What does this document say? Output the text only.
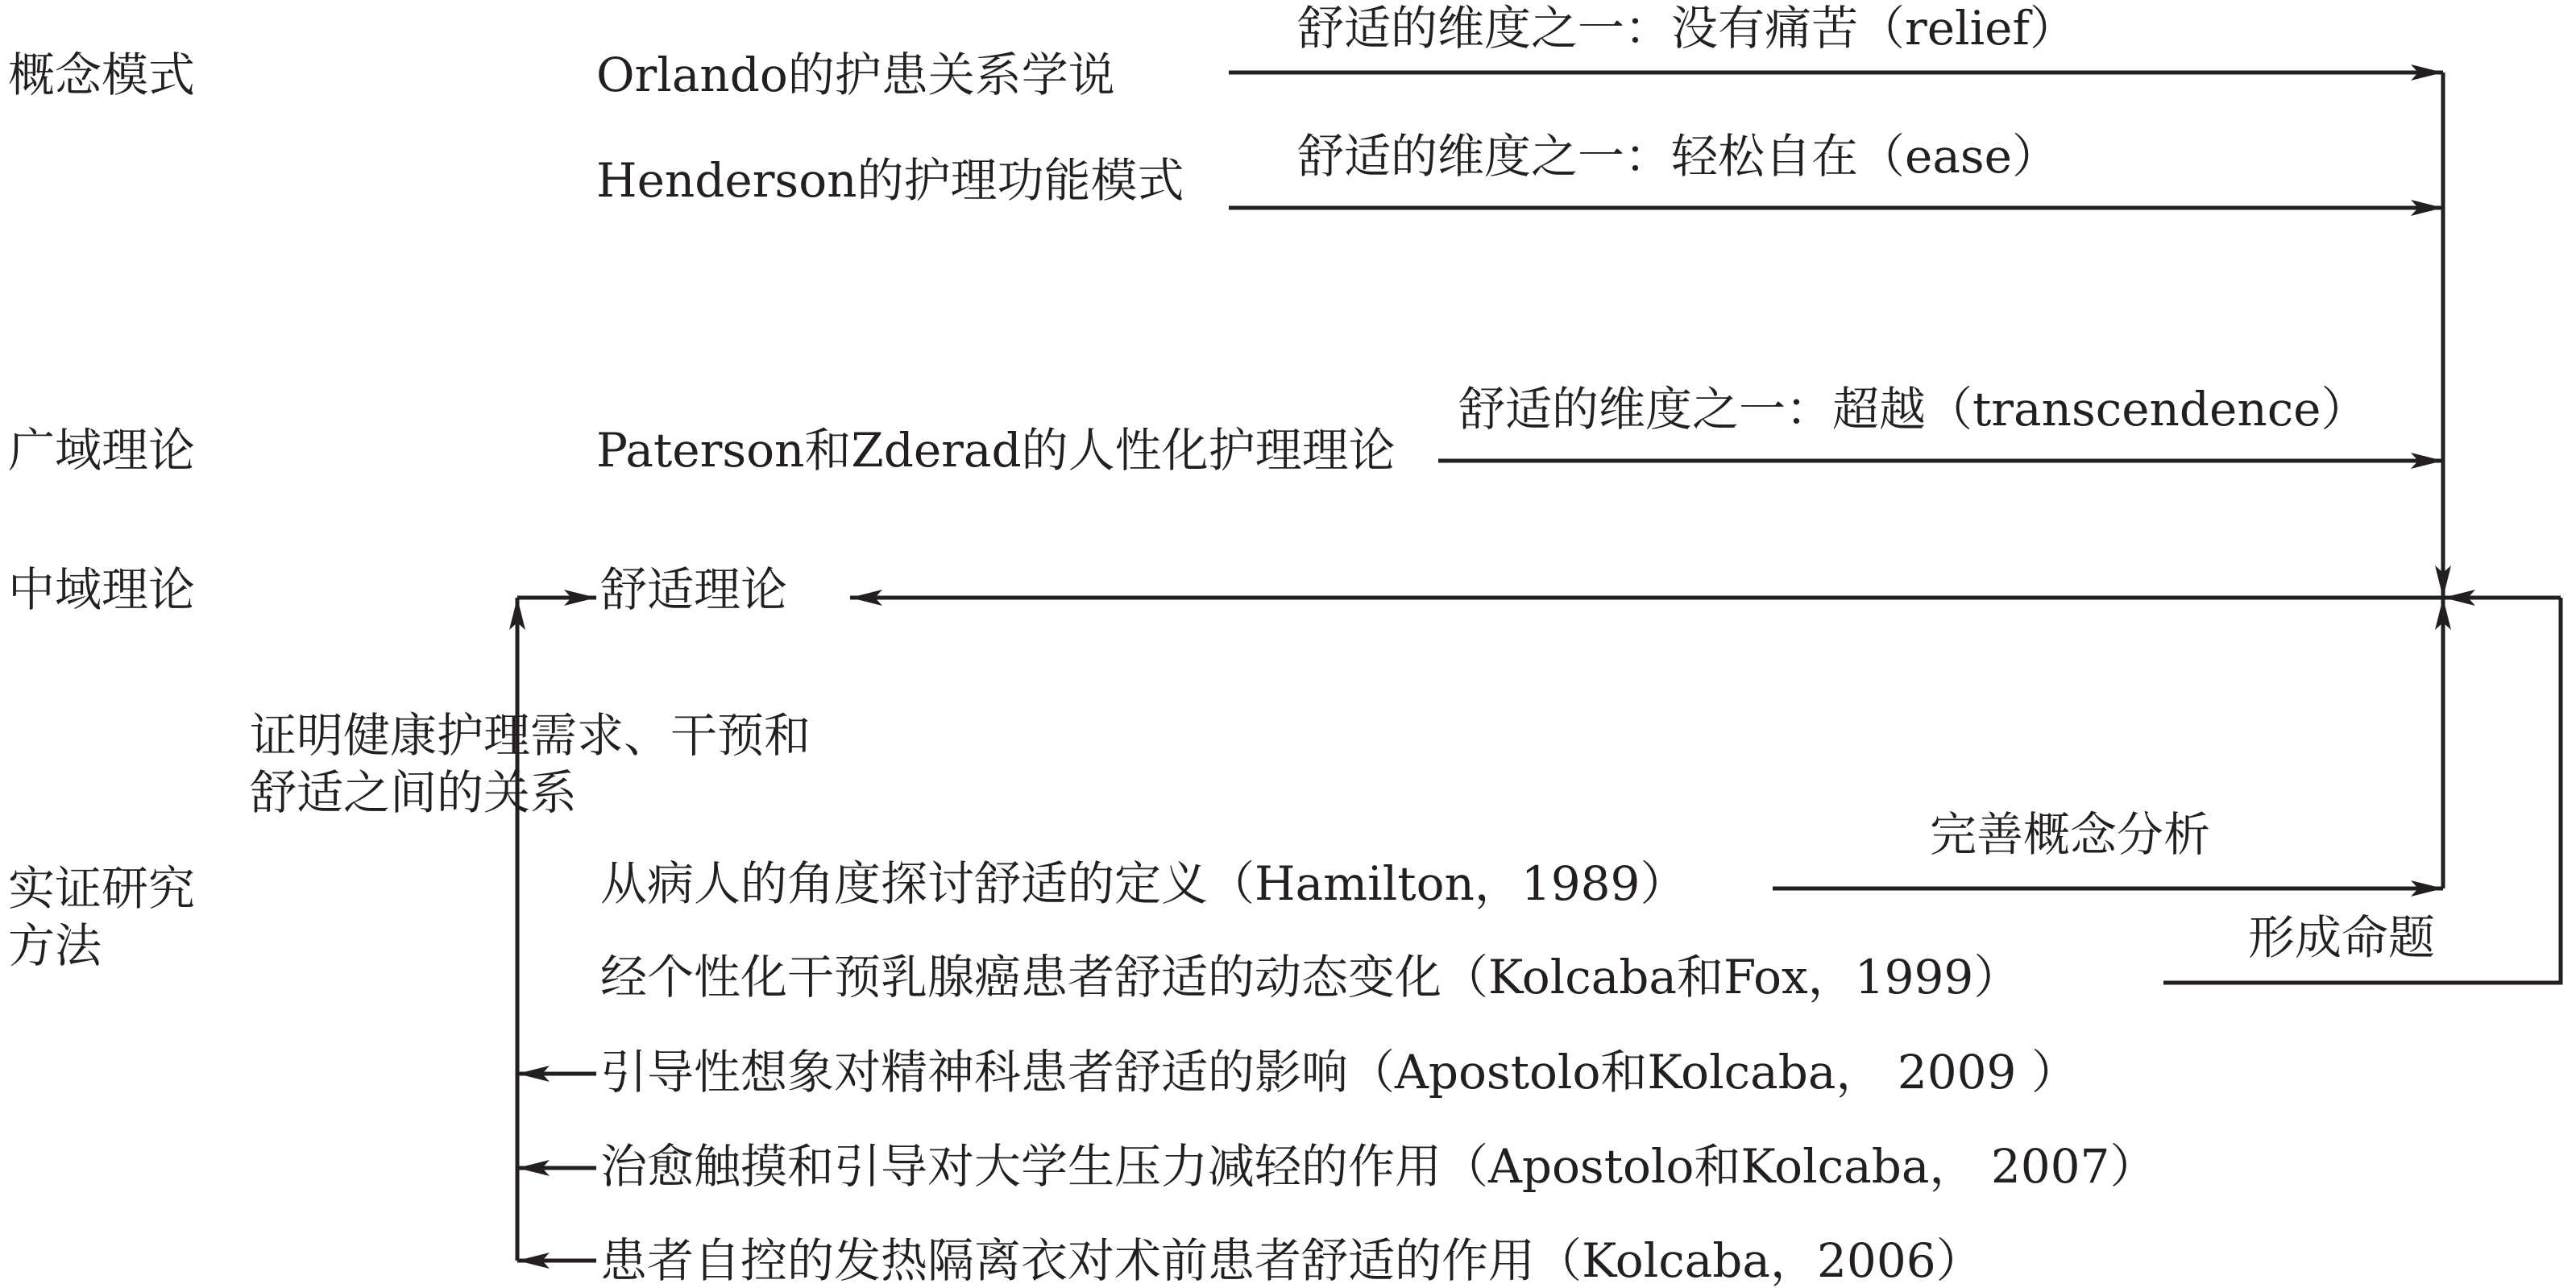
概念模式
广域理论
中域理论
实证研究方法
Orlando的护患关系学说
Henderson的护理功能模式
Paterson和Zderad的人性化护理理论
舒适的维度之一：没有痛苦（relief）
舒适的维度之一：轻松自在（ease）
舒适的维度之一：超越（transcendence）
舒适理论
证明健康护理需求、干预和舒适之间的关系
完善概念分析
形成命题
从病人的角度探讨舒适的定义（Hamilton，1989）
经个性化干预乳腺癌患者舒适的动态变化（Kolcaba和Fox，1999）
引导性想象对精神科患者舒适的影响（Apostolo和Kolcaba， 2009 ）
治愈触摸和引导对大学生压力减轻的作用（Apostolo和Kolcaba， 2007）
患者自控的发热隔离衣对术前患者舒适的作用（Kolcaba，2006）
